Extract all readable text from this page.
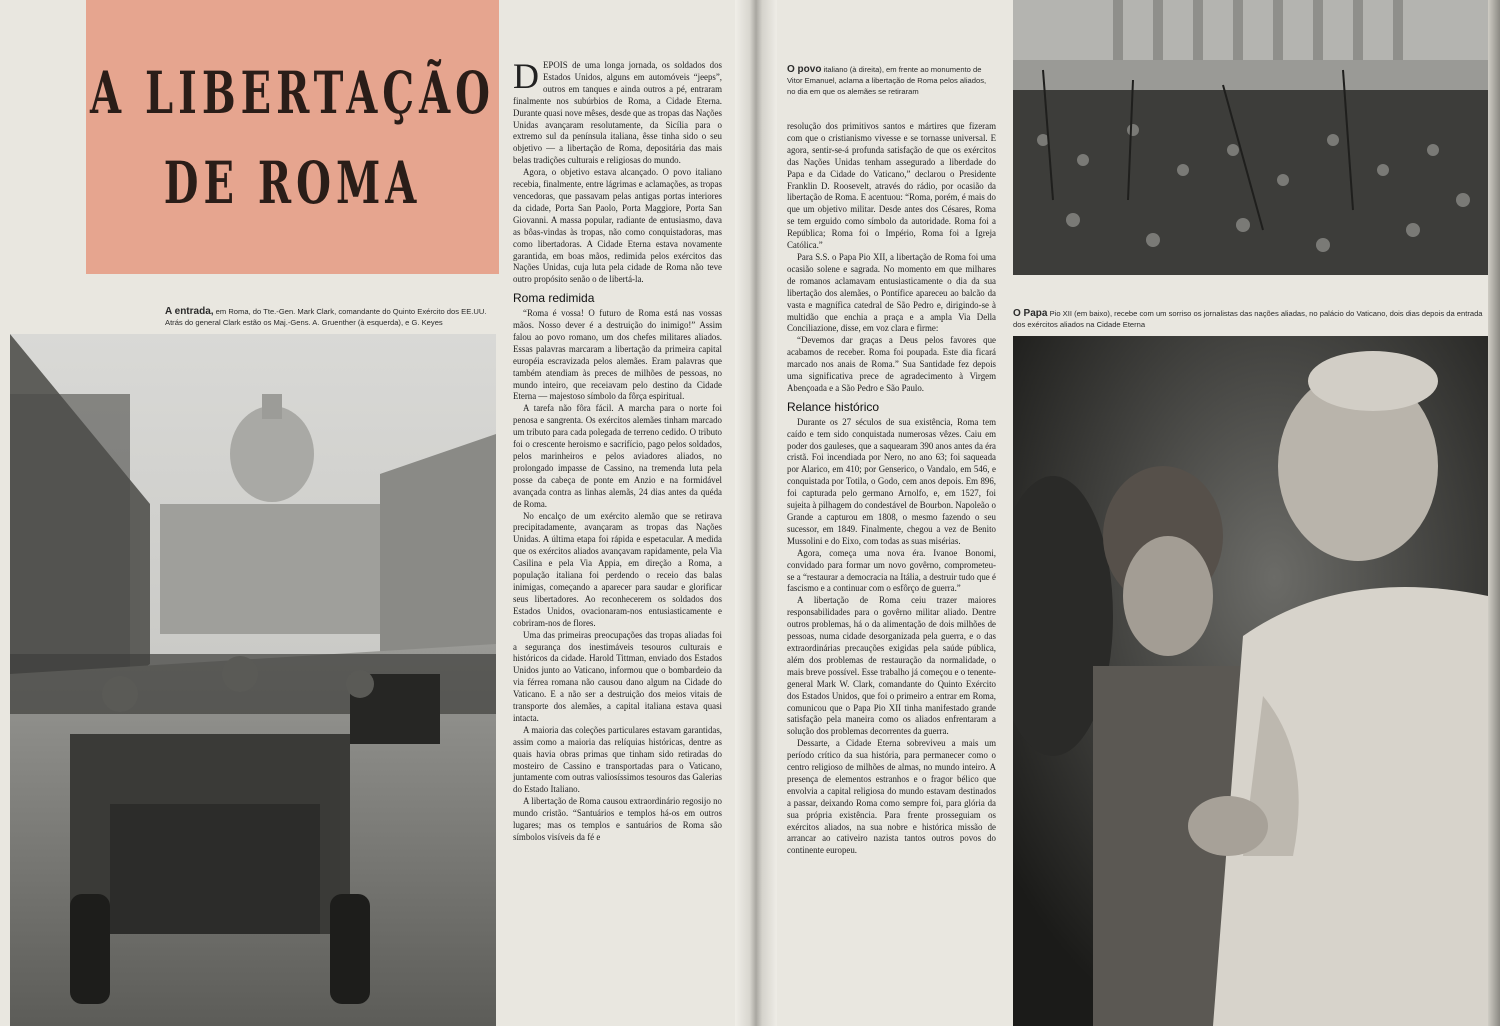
A LIBERTAÇÃO
DE ROMA
A entrada, em Roma, do Tte.-Gen. Mark Clark, comandante do Quinto Exército dos EE.UU. Atrás do general Clark estão os Maj.-Gens. A. Gruenther (à esquerda), e G. Keyes

DEPOIS de uma longa jornada, os soldados dos Estados Unidos, alguns em automóveis “jeeps”, outros em tanques e ainda outros a pé, entraram finalmente nos subúrbios de Roma, a Cidade Eterna. Durante quasi nove mêses, desde que as tropas das Nações Unidas avançaram resolutamente, da Sicília para o extremo sul da península italiana, êsse tinha sido o seu objetivo — a libertação de Roma, depositária das mais belas tradições culturais e religiosas do mundo.

Agora, o objetivo estava alcançado. O povo italiano recebia, finalmente, entre lágrimas e aclamações, as tropas vencedoras, que passavam pelas antigas portas interiores da cidade, Porta San Paolo, Porta Maggiore, Porta San Giovanni. A massa popular, radiante de entusiasmo, dava as bôas-vindas às tropas, não como conquistadoras, mas como libertadoras. A Cidade Eterna estava novamente garantida, em boas mãos, redimida pelos exércitos das Nações Unidas, cuja luta pela cidade de Roma não teve outro propósito senão o de libertá-la.

Roma redimida

“Roma é vossa! O futuro de Roma está nas vossas mãos. Nosso dever é a destruição do inimigo!” Assim falou ao povo romano, um dos chefes militares aliados. Essas palavras marcaram a libertação da primeira capital européia escravizada pelos alemães. Eram palavras que também atendiam às preces de milhões de pessoas, no mundo inteiro, que receiavam pelo destino da Cidade Eterna — majestoso símbolo da fôrça espiritual.

A tarefa não fôra fácil. A marcha para o norte foi penosa e sangrenta. Os exércitos alemães tinham marcado um tributo para cada polegada de terreno cedido. O tributo foi o crescente heroismo e sacrifício, pago pelos soldados, pelos marinheiros e pelos aviadores aliados, no prolongado impasse de Cassino, na tremenda luta pela posse da cabeça de ponte em Anzio e na formidável avançada contra as linhas alemãs, 24 dias antes da quéda de Roma.

No encalço de um exército alemão que se retirava precipitadamente, avançaram as tropas das Nações Unidas. A última etapa foi rápida e espetacular. A medida que os exércitos aliados avançavam rapidamente, pela Via Casilina e pela Via Appia, em direção a Roma, a população italiana foi perdendo o receio das balas inimigas, começando a aparecer para saudar e glorificar seus libertadores. Ao reconhecerem os soldados dos Estados Unidos, ovacionaram-nos entusiasticamente e cobriram-nos de flores.

Uma das primeiras preocupações das tropas aliadas foi a segurança dos inestimáveis tesouros culturais e históricos da cidade. Harold Tittman, enviado dos Estados Unidos junto ao Vaticano, informou que o bombardeio da via férrea romana não causou dano algum na Cidade do Vaticano. E a não ser a destruição dos meios vitais de transporte dos alemães, a capital italiana estava quasi intacta.

A maioria das coleções particulares estavam garantidas, assim como a maioria das relíquias históricas, dentre as quais havia obras primas que tinham sido retiradas do mosteiro de Cassino e transportadas para o Vaticano, juntamente com outras valiosíssimos tesouros das Galerias do Estado Italiano.

A libertação de Roma causou extraordinário regosijo no mundo cristão. “Santuários e templos há-os em outros lugares; mas os templos e santuários de Roma são símbolos visíveis da fé e

O povo italiano (à direita), em frente ao monumento de Vitor Emanuel, aclama a libertação de Roma pelos aliados, no dia em que os alemães se retiraram

resolução dos primitivos santos e mártires que fizeram com que o cristianismo vivesse e se tornasse universal. E agora, sentir-se-á profunda satisfação de que os exércitos das Nações Unidas tenham assegurado a liberdade do Papa e da Cidade do Vaticano,” declarou o Presidente Franklin D. Roosevelt, através do rádio, por ocasião da libertação de Roma. E acentuou: “Roma, porém, é mais do que um objetivo militar. Desde antes dos Césares, Roma se tem erguido como símbolo da autoridade. Roma foi a República; Roma foi o Império, Roma foi a Igreja Católica.”

Para S.S. o Papa Pio XII, a libertação de Roma foi uma ocasião solene e sagrada. No momento em que milhares de romanos aclamavam entusiasticamente o dia da sua libertação dos alemães, o Pontífice apareceu ao balcão da vasta e magnífica catedral de São Pedro e, dirigindo-se à multidão que enchia a praça e a ampla Via Della Conciliazione, disse, em voz clara e firme:

“Devemos dar graças a Deus pelos favores que acabamos de receber. Roma foi poupada. Este dia ficará marcado nos anais de Roma.” Sua Santidade fez depois uma significativa prece de agradecimento à Virgem Abençoada e a São Pedro e São Paulo.

Relance histórico

Durante os 27 séculos de sua existência, Roma tem caído e tem sido conquistada numerosas vêzes. Caiu em poder dos gauleses, que a saquearam 390 anos antes da éra cristã. Foi incendiada por Nero, no ano 63; foi saqueada por Alarico, em 410; por Genserico, o Vandalo, em 546, e conquistada por Totila, o Godo, cem anos depois. Em 896, foi capturada pelo germano Arnolfo, e, em 1527, foi sujeita à pilhagem do condestável de Bourbon. Napoleão o Grande a capturou em 1808, o mesmo fazendo o seu sucessor, em 1849. Finalmente, chegou a vez de Benito Mussolini e do Eixo, com todas as suas misérias.

Agora, começa uma nova éra. Ivanoe Bonomi, convidado para formar um novo govêrno, comprometeu-se a “restaurar a democracia na Itália, a destruir tudo que é fascismo e a continuar com o esfôrço de guerra.”

A libertação de Roma ceiu trazer maiores responsabilidades para o govêrno militar aliado. Dentre outros problemas, há o da alimentação de dois milhões de pessoas, numa cidade desorganizada pela guerra, e o das extraordinárias precauções exigidas pela saúde pública, além dos problemas de restauração da normalidade, o mais breve possível. Esse trabalho já começou e o tenente-general Mark W. Clark, comandante do Quinto Exército dos Estados Unidos, que foi o primeiro a entrar em Roma, comunicou que o Papa Pio XII tinha manifestado grande satisfação pela maneira como os aliados enfrentaram a solução dos problemas decorrentes da guerra.

Dessarte, a Cidade Eterna sobreviveu a mais um período crítico da sua história, para permanecer como o centro religioso de milhões de almas, no mundo inteiro. A presença de elementos estranhos e o fragor bélico que envolvia a capital religiosa do mundo estavam destinados a passar, deixando Roma como sempre foi, para glória da sua própria existência. Para frente prosseguiam os exércitos aliados, na sua nobre e histórica missão de arrancar ao cativeiro nazista tantos outros povos do continente europeu.

O Papa Pio XII (em baixo), recebe com um sorriso os jornalistas das nações aliadas, no palácio do Vaticano, dois dias depois da entrada dos exércitos aliados na Cidade Eterna
